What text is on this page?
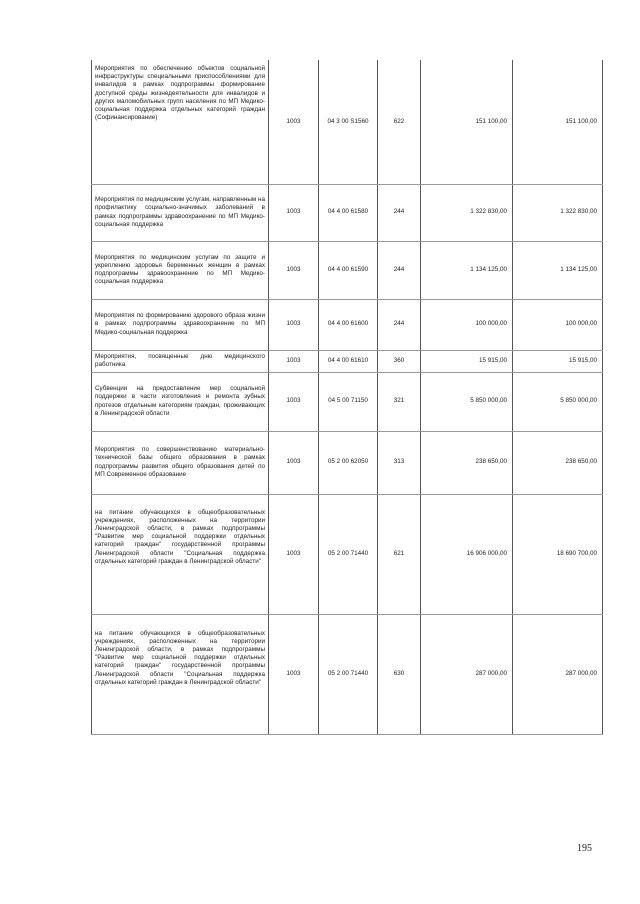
Мероприятия по обеспечению объектов социальной инфраструктуры специальными приспособлениями для инвалидов в рамках подпрограммы формирование доступной среды жизнедеятельности для инвалидов и других маломобильных групп населения по МП Медико-социальная поддержка отдельных категорий граждан (Софинансирование)	1003	04 3 00 S1560	622	151 100,00	151 100,00

Мероприятия по медицинским услугам, направленным на профилактику социально-значимых заболеваний в рамках подпрограммы здравоохранение по МП Медико-социальная поддержка	1003	04 4 00 61580	244	1 322 830,00	1 322 830,00

Мероприятия по медицинским услугам по защите и укреплению здоровья беременных женщин в рамках подпрограммы здравоохранение по МП Медико-социальная поддержка	1003	04 4 00 61590	244	1 134 125,00	1 134 125,00

Мероприятия по формированию здорового образа жизни в рамках подпрограммы здравоохранение по МП Медико-социальная поддержка	1003	04 4 00 61600	244	100 000,00	100 000,00

Мероприятия, посвященные дню медицинского работника	1003	04 4 00 61610	360	15 915,00	15 915,00

Субвенции на предоставление мер социальной поддержки в части изготовления и ремонта зубных протезов отдельным категориям граждан, проживающих в Ленинградской области	1003	04 5 00 71150	321	5 850 000,00	5 850 000,00

Мероприятия по совершенствованию материально-технической базы общего образования в рамках подпрограммы развития общего образования детей по МП Современное образование	1003	05 2 00 62050	313	238 650,00	238 650,00

на питание обучающихся в общеобразовательных учреждениях, расположенных на территории Ленинградской области, в рамках подпрограммы "Развитие мер социальной поддержки отдельных категорий граждан" государственной программы Ленинградской области "Социальная поддержка отдельных категорий граждан в Ленинградской области"	1003	05 2 00 71440	621	16 906 000,00	18 690 700,00

на питание обучающихся в общеобразовательных учреждениях, расположенных на территории Ленинградской области, в рамках подпрограммы "Развитие мер социальной поддержки отдельных категорий граждан" государственной программы Ленинградской области "Социальная поддержка отдельных категорий граждан в Ленинградской области"	1003	05 2 00 71440	630	287 000,00	287 000,00
195
